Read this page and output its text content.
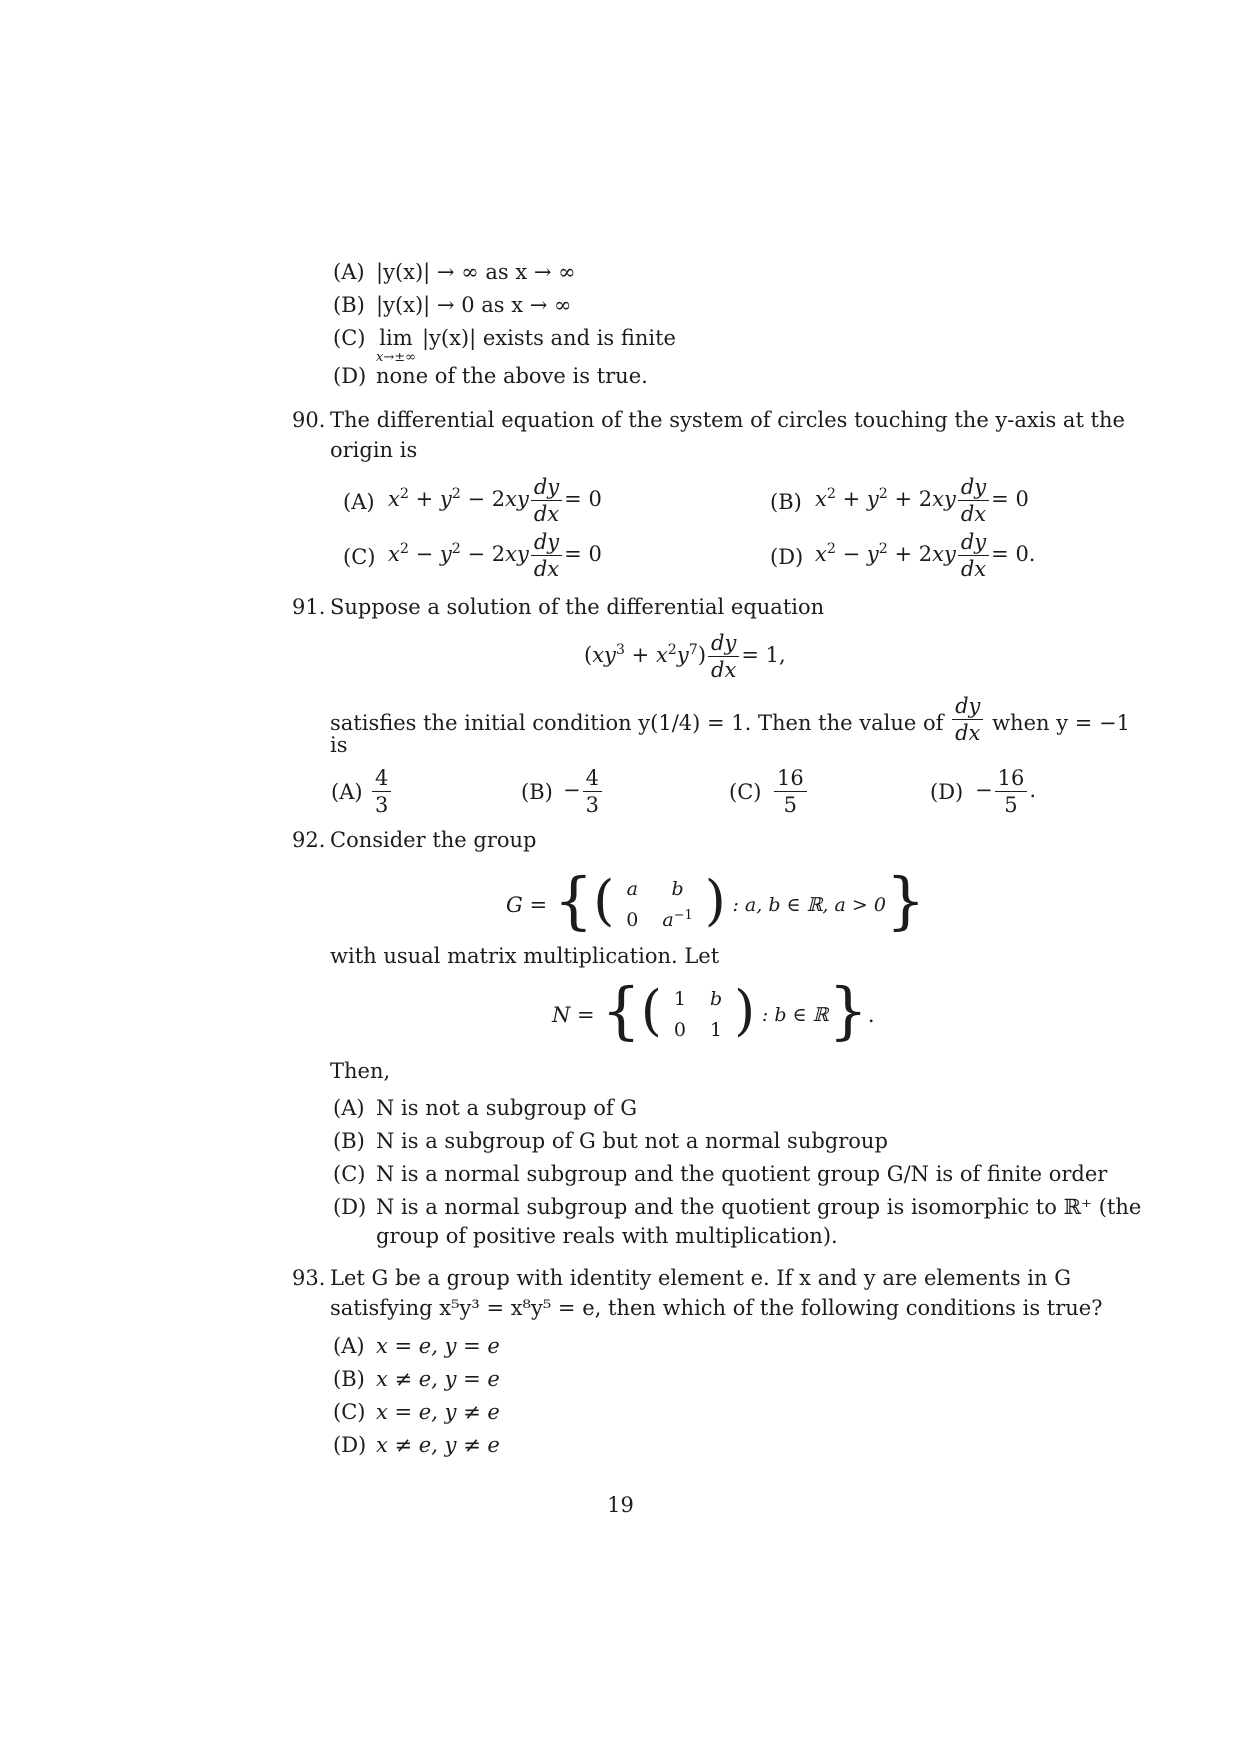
(A) |y(x)| → ∞ as x → ∞
(B) |y(x)| → 0 as x → ∞
(C) lim
x→±∞
|y(x)| exists and is finite
(D) none of the above is true.
90. The differential equation of the system of circles touching the y-axis at the
origin is
(A) $x^2 + y^2 - 2xy \frac{dy}{dx} = 0$	(B) $x^2 + y^2 + 2xy \frac{dy}{dx} = 0$
(C) $x^2 - y^2 - 2xy \frac{dy}{dx} = 0$	(D) $x^2 - y^2 + 2xy \frac{dy}{dx} = 0$.
91. Suppose a solution of the differential equation
$(xy^3 + x^2y^7) \frac{dy}{dx} = 1$,
satisfies the initial condition y(1/4) = 1. Then the value of $\frac{dy}{dx}$ when y = −1
is
$(A) \frac{4}{3}$	$(B) - \frac{4}{3}$	$(C) \frac{16}{5}$	$(D) - \frac{16}{5}$ .
92. Consider the group
G = { ( a	b
0	$a^{-1}$ )
: a, b ∈ ℝ, a > 0 }
with usual matrix multiplication. Let
N = { ( 1	b
0	1 )
: b ∈ ℝ } .
Then,
(A) N is not a subgroup of G
(B) N is a subgroup of G but not a normal subgroup
(C) N is a normal subgroup and the quotient group G/N is of finite order
(D) N is a normal subgroup and the quotient group is isomorphic to ℝ⁺ (the
group of positive reals with multiplication).
93. Let G be a group with identity element e. If x and y are elements in G
satisfying x⁵y³ = x⁸y⁵ = e, then which of the following conditions is true?
(A) x = e, y = e
(B) x ≠ e, y = e
(C) x = e, y ≠ e
(D) x ≠ e, y ≠ e
19
